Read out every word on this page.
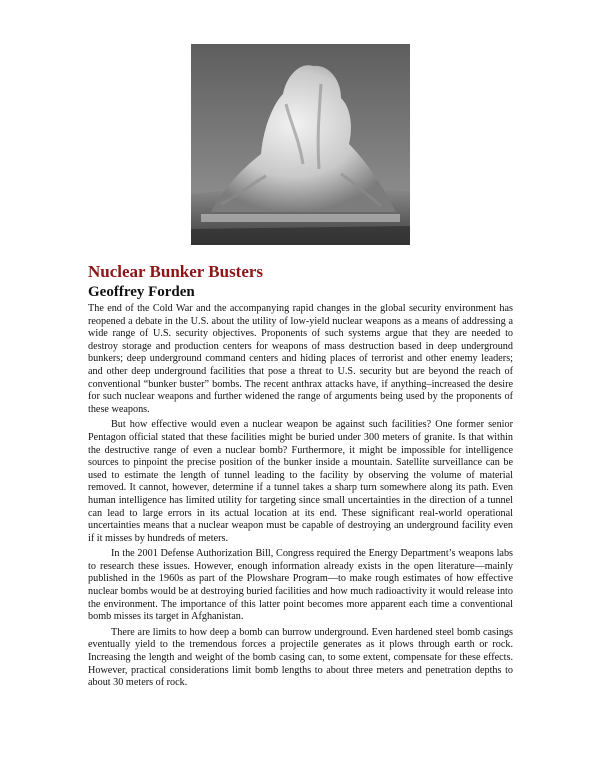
Nuclear Bunker Busters
Geoffrey Forden

The end of the Cold War and the accompanying rapid changes in the global security environment has reopened a debate in the U.S. about the utility of low-yield nuclear weapons as a means of addressing a wide range of U.S. security objectives. Proponents of such systems argue that they are needed to destroy storage and production centers for weapons of mass destruction based in deep underground bunkers; deep underground command centers and hiding places of terrorist and other enemy leaders; and other deep underground facilities that pose a threat to U.S. security but are beyond the reach of conventional “bunker buster” bombs. The recent anthrax attacks have, if anything–increased the desire for such nuclear weapons and further widened the range of arguments being used by the proponents of these weapons.

But how effective would even a nuclear weapon be against such facilities? One former senior Pentagon official stated that these facilities might be buried under 300 meters of granite. Is that within the destructive range of even a nuclear bomb? Furthermore, it might be impossible for intelligence sources to pinpoint the precise position of the bunker inside a mountain. Satellite surveillance can be used to estimate the length of tunnel leading to the facility by observing the volume of material removed. It cannot, however, determine if a tunnel takes a sharp turn somewhere along its path. Even human intelligence has limited utility for targeting since small uncertainties in the direction of a tunnel can lead to large errors in its actual location at its end. These significant real-world operational uncertainties means that a nuclear weapon must be capable of destroying an underground facility even if it misses by hundreds of meters.

In the 2001 Defense Authorization Bill, Congress required the Energy Department’s weapons labs to research these issues. However, enough information already exists in the open literature—mainly published in the 1960s as part of the Plowshare Program—to make rough estimates of how effective nuclear bombs would be at destroying buried facilities and how much radioactivity it would release into the environment. The importance of this latter point becomes more apparent each time a conventional bomb misses its target in Afghanistan.

There are limits to how deep a bomb can burrow underground. Even hardened steel bomb casings eventually yield to the tremendous forces a projectile generates as it plows through earth or rock. Increasing the length and weight of the bomb casing can, to some extent, compensate for these effects. However, practical considerations limit bomb lengths to about three meters and penetration depths to about 30 meters of rock.
